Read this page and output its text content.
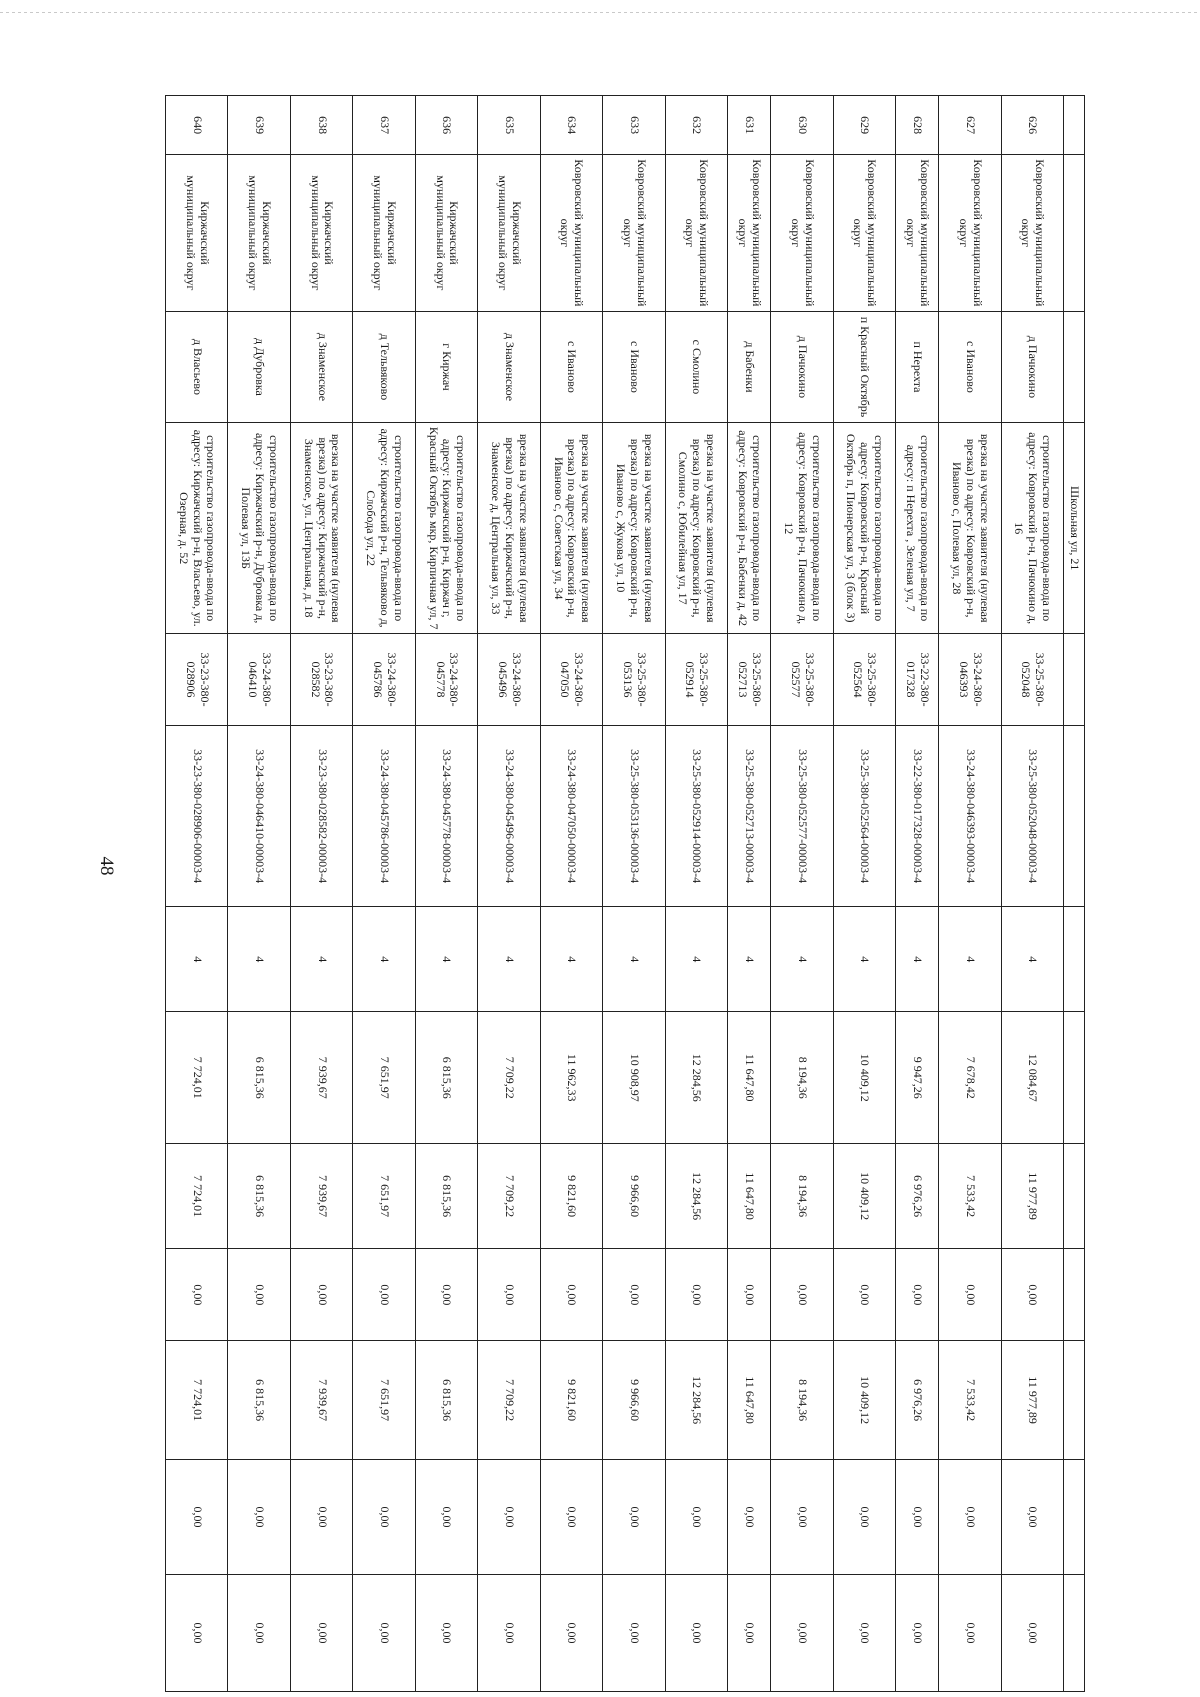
48
			Школьная ул, 21									
626	Ковровский муниципальный округ	д Пачюкино	строительство газопровода-ввода по адресу: Ковровский р-н, Пачюкино д, 16	33-25-380-052048	33-25-380-052048-00003-4	4	12 084,67	11 977,89	0,00	11 977,89	0,00	0,00
627	Ковровский муниципальный округ	с Иваново	врезка на участке заявителя (нулевая врезка) по адресу: Ковровский р-н, Иваново с, Полевая ул, 28	33-24-380-046393	33-24-380-046393-00003-4	4	7 678,42	7 533,42	0,00	7 533,42	0,00	0,00
628	Ковровский муниципальный округ	п Нерехта	строительство газопровода-ввода по адресу: п Нерехта , Зеленая ул, 7	33-22-380-017328	33-22-380-017328-00003-4	4	9 947,26	6 976,26	0,00	6 976,26	0,00	0,00
629	Ковровский муниципальный округ	п Красный Октябрь	строительство газопровода-ввода по адресу: Ковровский р-н, Красный Октябрь п, Пионерская ул, 3 (блок 3)	33-25-380-052564	33-25-380-052564-00003-4	4	10 409,12	10 409,12	0,00	10 409,12	0,00	0,00
630	Ковровский муниципальный округ	д Пачюкино	строительство газопровода-ввода по адресу: Ковровский р-н, Пачюкино д, 12	33-25-380-052577	33-25-380-052577-00003-4	4	8 194,36	8 194,36	0,00	8 194,36	0,00	0,00
631	Ковровский муниципальный округ	д Бабенки	строительство газопровода-ввода по адресу: Ковровский р-н, Бабенки д, 42	33-25-380-052713	33-25-380-052713-00003-4	4	11 647,80	11 647,80	0,00	11 647,80	0,00	0,00
632	Ковровский муниципальный округ	с Смолино	врезка на участке заявителя (нулевая врезка) по адресу: Ковровский р-н, Смолино с, Юбилейная ул, 17	33-25-380-052914	33-25-380-052914-00003-4	4	12 284,56	12 284,56	0,00	12 284,56	0,00	0,00
633	Ковровский муниципальный округ	с Иваново	врезка на участке заявителя (нулевая врезка) по адресу: Ковровский р-н, Иваново с, Жукова ул, 10	33-25-380-053136	33-25-380-053136-00003-4	4	10 908,97	9 966,60	0,00	9 966,60	0,00	0,00
634	Ковровский муниципальный округ	с Иваново	врезка на участке заявителя (нулевая врезка) по адресу: Ковровский р-н, Иваново с, Советская ул, 34	33-24-380-047050	33-24-380-047050-00003-4	4	11 962,33	9 821,60	0,00	9 821,60	0,00	0,00
635	Киржачский муниципальный округ	д Знаменское	врезка на участке заявителя (нулевая врезка) по адресу: Киржачский р-н, Знаменское д, Центральная ул, 33	33-24-380-045496	33-24-380-045496-00003-4	4	7 709,22	7 709,22	0,00	7 709,22	0,00	0,00
636	Киржачский муниципальный округ	г Киржач	строительство газопровода-ввода по адресу: Киржачский р-н, Киржач г, Красный Октябрь мкр, Кирпичная ул, 7	33-24-380-045778	33-24-380-045778-00003-4	4	6 815,36	6 815,36	0,00	6 815,36	0,00	0,00
637	Киржачский муниципальный округ	д Тельвяково	строительство газопровода-ввода по адресу: Киржачский р-н, Тельвяково д, Слобода ул, 22	33-24-380-045786	33-24-380-045786-00003-4	4	7 651,97	7 651,97	0,00	7 651,97	0,00	0,00
638	Киржачский муниципальный округ	д Знаменское	врезка на участке заявителя (нулевая врезка) по адресу: Киржачский р-н, Знаменское, ул. Центральная, д. 18	33-23-380-028582	33-23-380-028582-00003-4	4	7 939,67	7 939,67	0,00	7 939,67	0,00	0,00
639	Киржачский муниципальный округ	д Дубровка	строительство газопровода-ввода по адресу: Киржачский р-н, Дубровка д, Полевая ул, 13Б	33-24-380-046410	33-24-380-046410-00003-4	4	6 815,36	6 815,36	0,00	6 815,36	0,00	0,00
640	Киржачский муниципальный округ	д Власьево	строительство газопровода-ввода по адресу: Киржачский р-н, Власьево, ул. Озерная, д. 52	33-23-380-028906	33-23-380-028906-00003-4	4	7 724,01	7 724,01	0,00	7 724,01	0,00	0,00
